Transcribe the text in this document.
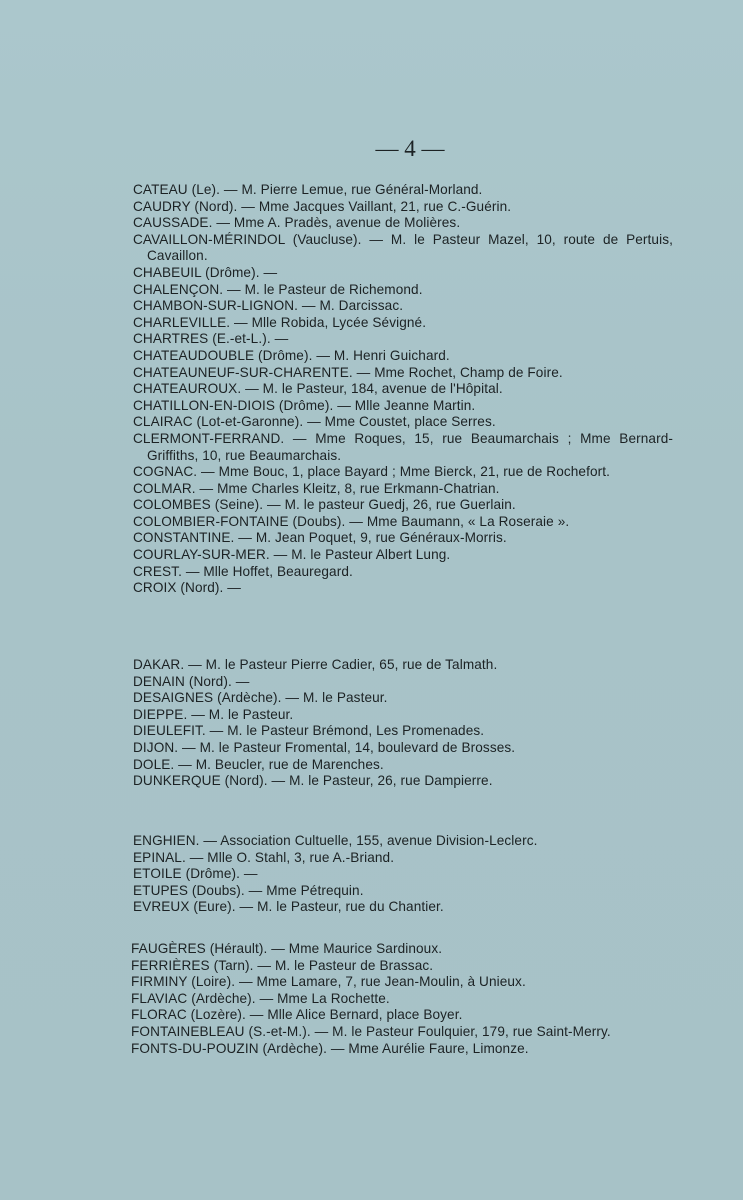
— 4 —

CATEAU (Le). — M. Pierre Lemue, rue Général-Morland.

CAUDRY (Nord). — Mme Jacques Vaillant, 21, rue C.-Guérin.

CAUSSADE. — Mme A. Pradès, avenue de Molières.

CAVAILLON-MÉRINDOL (Vaucluse). — M. le Pasteur Mazel, 10, route de Pertuis, Cavaillon.

CHABEUIL (Drôme). —

CHALENÇON. — M. le Pasteur de Richemond.

CHAMBON-SUR-LIGNON. — M. Darcissac.

CHARLEVILLE. — Mlle Robida, Lycée Sévigné.

CHARTRES (E.-et-L.). —

CHATEAUDOUBLE (Drôme). — M. Henri Guichard.

CHATEAUNEUF-SUR-CHARENTE. — Mme Rochet, Champ de Foire.

CHATEAUROUX. — M. le Pasteur, 184, avenue de l'Hôpital.

CHATILLON-EN-DIOIS (Drôme). — Mlle Jeanne Martin.

CLAIRAC (Lot-et-Garonne). — Mme Coustet, place Serres.

CLERMONT-FERRAND. — Mme Roques, 15, rue Beaumarchais ; Mme Bernard-Griffiths, 10, rue Beaumarchais.

COGNAC. — Mme Bouc, 1, place Bayard ; Mme Bierck, 21, rue de Rochefort.

COLMAR. — Mme Charles Kleitz, 8, rue Erkmann-Chatrian.

COLOMBES (Seine). — M. le pasteur Guedj, 26, rue Guerlain.

COLOMBIER-FONTAINE (Doubs). — Mme Baumann, « La Roseraie ».

CONSTANTINE. — M. Jean Poquet, 9, rue Généraux-Morris.

COURLAY-SUR-MER. — M. le Pasteur Albert Lung.

CREST. — Mlle Hoffet, Beauregard.

CROIX (Nord). —

DAKAR. — M. le Pasteur Pierre Cadier, 65, rue de Talmath.

DENAIN (Nord). —

DESAIGNES (Ardèche). — M. le Pasteur.

DIEPPE. — M. le Pasteur.

DIEULEFIT. — M. le Pasteur Brémond, Les Promenades.

DIJON. — M. le Pasteur Fromental, 14, boulevard de Brosses.

DOLE. — M. Beucler, rue de Marenches.

DUNKERQUE (Nord). — M. le Pasteur, 26, rue Dampierre.

ENGHIEN. — Association Cultuelle, 155, avenue Division-Leclerc.

EPINAL. — Mlle O. Stahl, 3, rue A.-Briand.

ETOILE (Drôme). —

ETUPES (Doubs). — Mme Pétrequin.

EVREUX (Eure). — M. le Pasteur, rue du Chantier.

FAUGÈRES (Hérault). — Mme Maurice Sardinoux.

FERRIÈRES (Tarn). — M. le Pasteur de Brassac.

FIRMINY (Loire). — Mme Lamare, 7, rue Jean-Moulin, à Unieux.

FLAVIAC (Ardèche). — Mme La Rochette.

FLORAC (Lozère). — Mlle Alice Bernard, place Boyer.

FONTAINEBLEAU (S.-et-M.). — M. le Pasteur Foulquier, 179, rue Saint-Merry.

FONTS-DU-POUZIN (Ardèche). — Mme Aurélie Faure, Limonze.
